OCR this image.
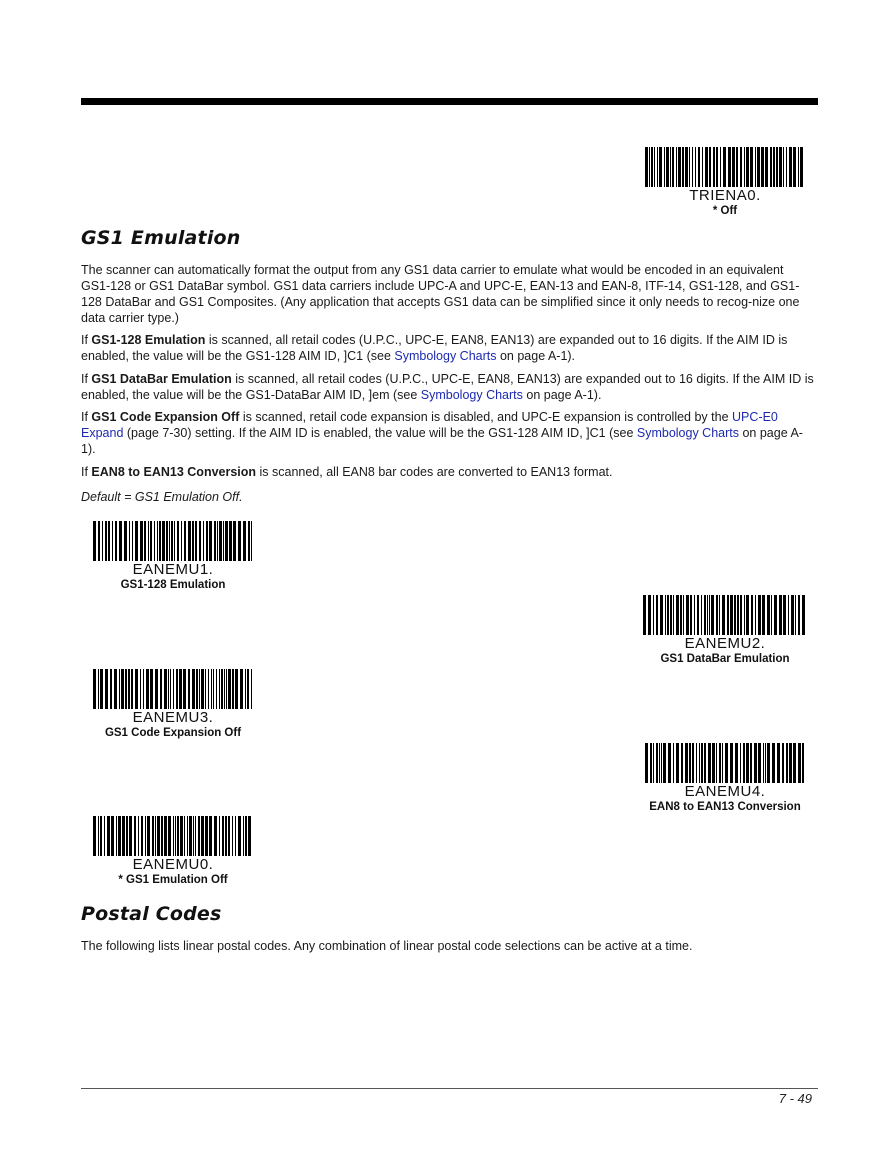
TRIENA0.
* Off
GS1 Emulation

The scanner can automatically format the output from any GS1 data carrier to emulate what would be encoded in an equivalent GS1-128 or GS1 DataBar symbol. GS1 data carriers include UPC-A and UPC-E, EAN-13 and EAN-8, ITF-14, GS1-128, and GS1-128 DataBar and GS1 Composites. (Any application that accepts GS1 data can be simplified since it only needs to recog-nize one data carrier type.)

If GS1-128 Emulation is scanned, all retail codes (U.P.C., UPC-E, EAN8, EAN13) are expanded out to 16 digits. If the AIM ID is enabled, the value will be the GS1-128 AIM ID, ]C1 (see Symbology Charts on page A-1).

If GS1 DataBar Emulation is scanned, all retail codes (U.P.C., UPC-E, EAN8, EAN13) are expanded out to 16 digits. If the AIM ID is enabled, the value will be the GS1-DataBar AIM ID, ]em (see Symbology Charts on page A-1).

If GS1 Code Expansion Off is scanned, retail code expansion is disabled, and UPC-E expansion is controlled by the UPC-E0 Expand (page 7-30) setting. If the AIM ID is enabled, the value will be the GS1-128 AIM ID, ]C1 (see Symbology Charts on page A-1).

If EAN8 to EAN13 Conversion is scanned, all EAN8 bar codes are converted to EAN13 format.

Default = GS1 Emulation Off.

EANEMU1.
GS1-128 Emulation
EANEMU2.
GS1 DataBar Emulation
EANEMU3.
GS1 Code Expansion Off
EANEMU4.
EAN8 to EAN13 Conversion
EANEMU0.
* GS1 Emulation Off
Postal Codes

The following lists linear postal codes. Any combination of linear postal code selections can be active at a time.

7 - 49
